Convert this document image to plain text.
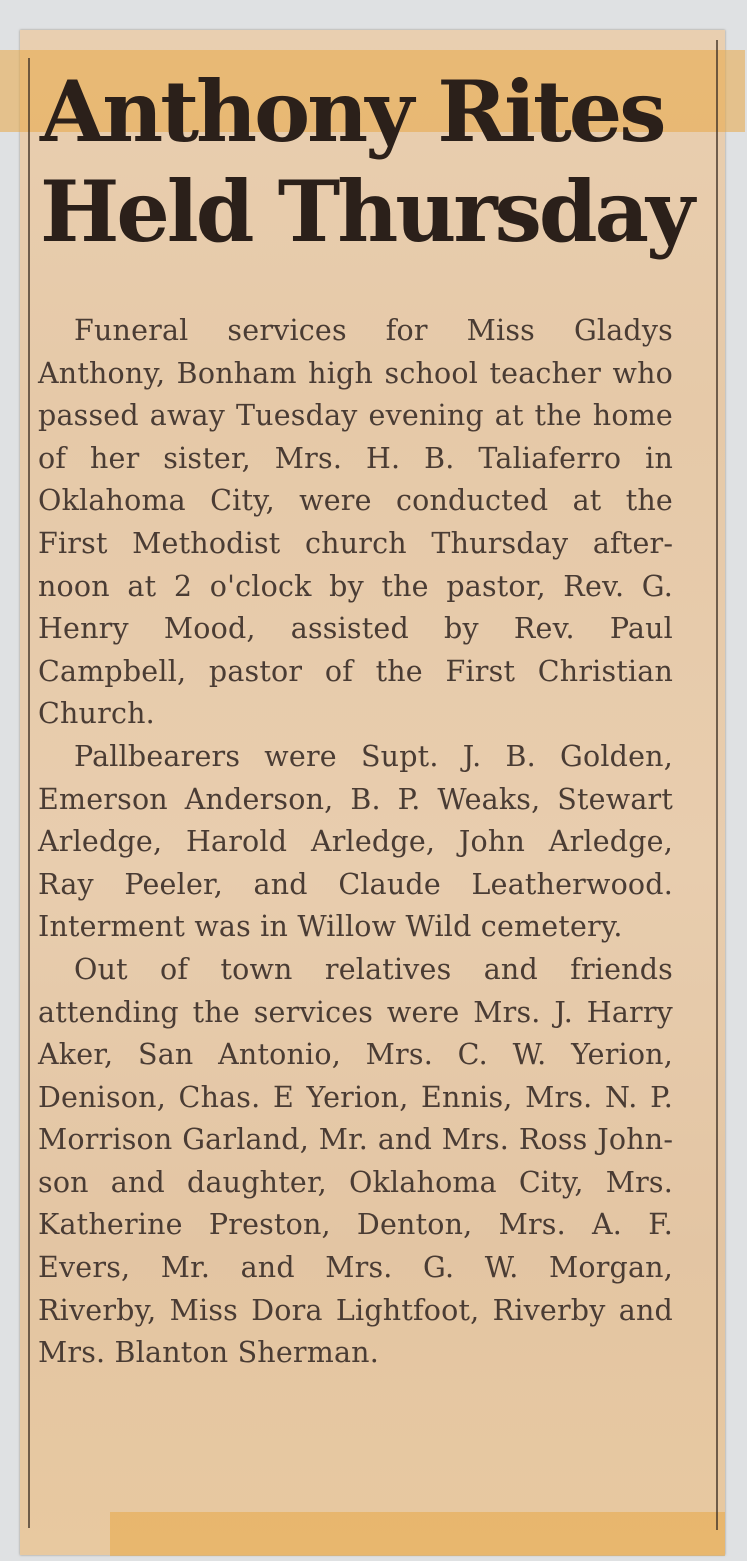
Anthony Rites
Held Thursday

Funeral services for Miss Gladys Anthony, Bonham high school teacher who passed away Tuesday evening at the home of her sister, Mrs. H. B. Taliaferro in Oklahoma City, were conducted at the First Methodist church Thursday afternoon at 2 o'clock by the pastor, Rev. G. Henry Mood, assisted by Rev. Paul Campbell, pastor of the First Christian Church.

Pallbearers were Supt. J. B. Golden, Emerson Anderson, B. P. Weaks, Stewart Arledge, Harold Arledge, John Arledge, Ray Peeler, and Claude Leatherwood. Interment was in Willow Wild cemetery.

Out of town relatives and friends attending the services were Mrs. J. Harry Aker, San Antonio, Mrs. C. W. Yerion, Denison, Chas. E Yerion, Ennis, Mrs. N. P. Morrison Garland, Mr. and Mrs. Ross Johnson and daughter, Oklahoma City, Mrs. Katherine Preston, Denton, Mrs. A. F. Evers, Mr. and Mrs. G. W. Morgan, Riverby, Miss Dora Lightfoot, Riverby and Mrs. Blanton Sherman.
